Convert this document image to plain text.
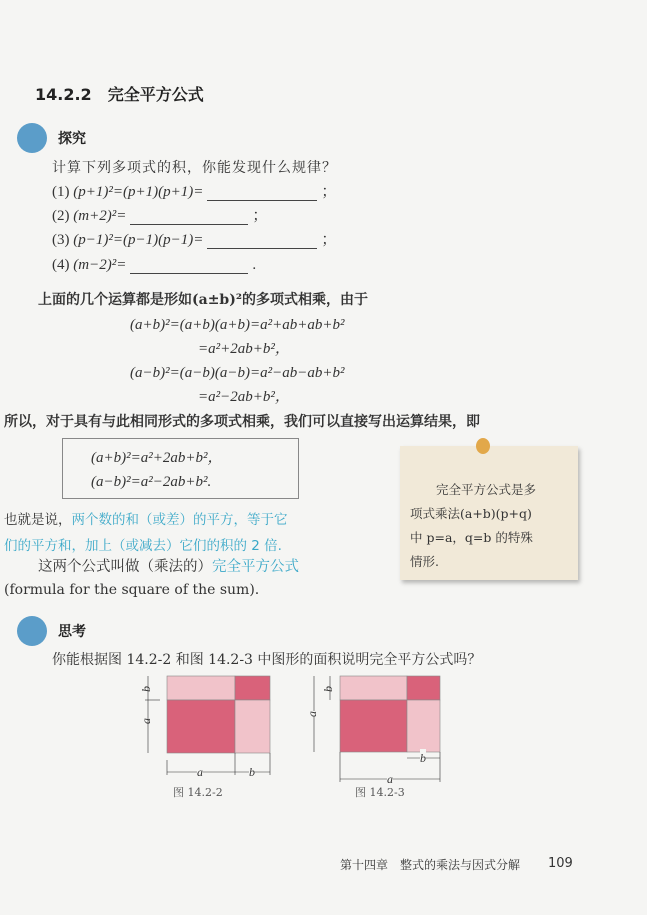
14.2.2　完全平方公式
探究
计算下列多项式的积，你能发现什么规律？
(1) (p+1)²=(p+1)(p+1)=	；
(2) (m+2)²=	；
(3) (p−1)²=(p−1)(p−1)=	；
(4) (m−2)²=	.
上面的几个运算都是形如(a±b)²的多项式相乘，由于
(a+b)²=(a+b)(a+b)=a²+ab+ab+b²
=a²+2ab+b²，
(a−b)²=(a−b)(a−b)=a²−ab−ab+b²
=a²−2ab+b²，
所以，对于具有与此相同形式的多项式相乘，我们可以直接写出运算结果，即
(a+b)²=a²+2ab+b²，
(a−b)²=a²−2ab+b².	完全平方公式是多
项式乘法(a+b)(p+q)
中 p=a，q=b 的特殊
情形.
也就是说，两个数的和（或差）的平方，等于它
们的平方和，加上（或减去）它们的积的 2 倍.
这两个公式叫做（乘法的）完全平方公式
(formula for the square of the sum).
思考
你能根据图 14.2-2 和图 14.2-3 中图形的面积说明完全平方公式吗？
a
b
a	b
图 14.2-2
a
b
b
a
图 14.2-3
第十四章　整式的乘法与因式分解 109
